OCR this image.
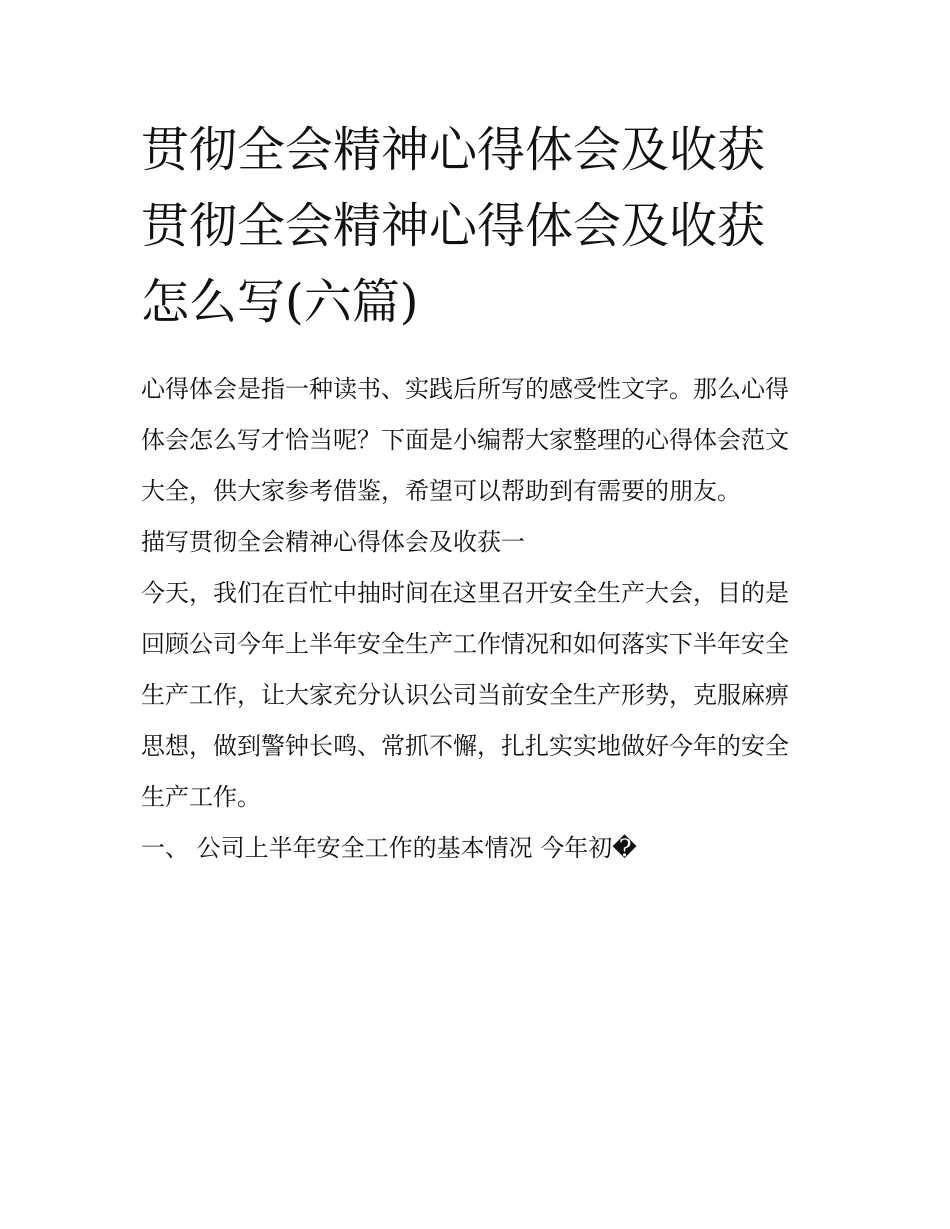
贯彻全会精神心得体会及收获
贯彻全会精神心得体会及收获
怎么写(六篇)
心得体会是指一种读书、实践后所写的感受性文字。那么心得
体会怎么写才恰当呢？下面是小编帮大家整理的心得体会范文
大全，供大家参考借鉴，希望可以帮助到有需要的朋友。
描写贯彻全会精神心得体会及收获一
今天，我们在百忙中抽时间在这里召开安全生产大会，目的是
回顾公司今年上半年安全生产工作情况和如何落实下半年安全
生产工作，让大家充分认识公司当前安全生产形势，克服麻痹
思想，做到警钟长鸣、常抓不懈，扎扎实实地做好今年的安全
生产工作。
一、 公司上半年安全工作的基本情况 今年初�
